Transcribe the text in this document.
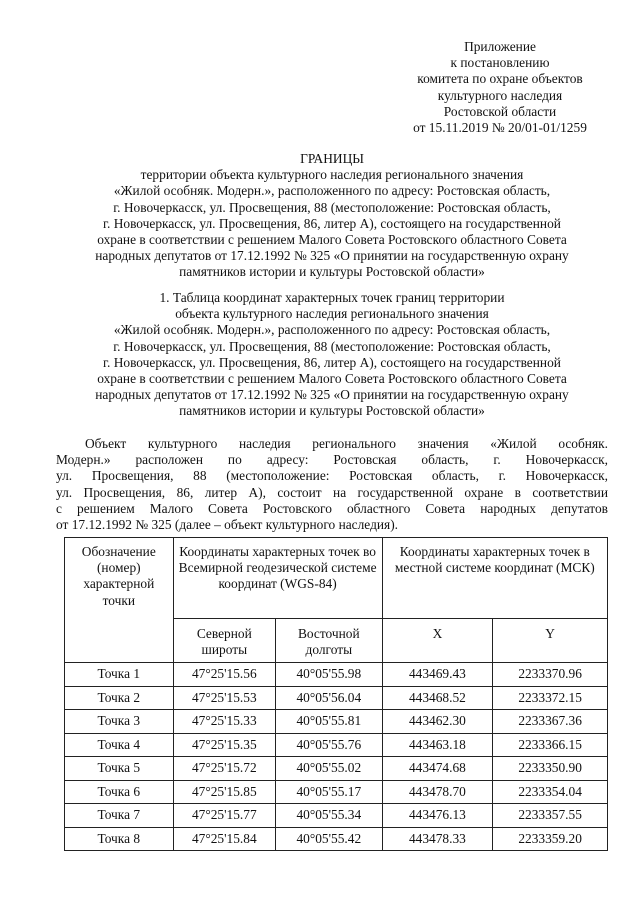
Приложение
к постановлению
комитета по охране объектов
культурного наследия
Ростовской области
от 15.11.2019 № 20/01-01/1259
ГРАНИЦЫ
территории объекта культурного наследия регионального значения
«Жилой особняк. Модерн.», расположенного по адресу: Ростовская область,
г. Новочеркасск, ул. Просвещения, 88 (местоположение: Ростовская область,
г. Новочеркасск, ул. Просвещения, 86, литер А), состоящего на государственной
охране в соответствии с решением Малого Совета Ростовского областного Совета
народных депутатов от 17.12.1992 № 325 «О принятии на государственную охрану
памятников истории и культуры Ростовской области»
1. Таблица координат характерных точек границ территории
объекта культурного наследия регионального значения
«Жилой особняк. Модерн.», расположенного по адресу: Ростовская область,
г. Новочеркасск, ул. Просвещения, 88 (местоположение: Ростовская область,
г. Новочеркасск, ул. Просвещения, 86, литер А), состоящего на государственной
охране в соответствии с решением Малого Совета Ростовского областного Совета
народных депутатов от 17.12.1992 № 325 «О принятии на государственную охрану
памятников истории и культуры Ростовской области»
Объект культурного наследия регионального значения «Жилой особняк.
Модерн.» расположен по адресу: Ростовская область, г. Новочеркасск,
ул. Просвещения, 88 (местоположение: Ростовская область, г. Новочеркасск,
ул. Просвещения, 86, литер А), состоит на государственной охране в соответствии
с решением Малого Совета Ростовского областного Совета народных депутатов
от 17.12.1992 № 325 (далее – объект культурного наследия).
Обозначение (номер) характерной точки	Координаты характерных точек во Всемирной геодезической системе координат (WGS-84)		Координаты характерных точек в местной системе координат (МСК)	
	Северной широты	Восточной долготы	X	Y
Точка 1	47°25'15.56	40°05'55.98	443469.43	2233370.96
Точка 2	47°25'15.53	40°05'56.04	443468.52	2233372.15
Точка 3	47°25'15.33	40°05'55.81	443462.30	2233367.36
Точка 4	47°25'15.35	40°05'55.76	443463.18	2233366.15
Точка 5	47°25'15.72	40°05'55.02	443474.68	2233350.90
Точка 6	47°25'15.85	40°05'55.17	443478.70	2233354.04
Точка 7	47°25'15.77	40°05'55.34	443476.13	2233357.55
Точка 8	47°25'15.84	40°05'55.42	443478.33	2233359.20
